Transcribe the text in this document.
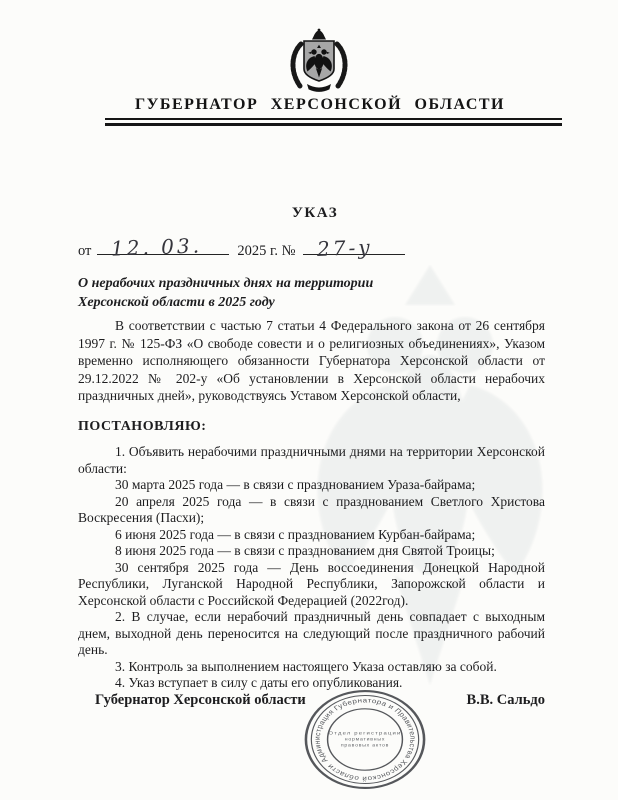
ГУБЕРНАТОР ХЕРСОНСКОЙ ОБЛАСТИ
УКАЗ
от 12. 03. 2025 г. № 27-у
О нерабочих праздничных днях на территории
Херсонской области в 2025 году

В соответствии с частью 7 статьи 4 Федерального закона от 26 сентября 1997 г. № 125-ФЗ «О свободе совести и о религиозных объединениях», Указом временно исполняющего обязанности Губернатора Херсонской области от 29.12.2022 № 202-у «Об установлении в Херсонской области нерабочих праздничных дней», руководствуясь Уставом Херсонской области,

ПОСТАНОВЛЯЮ:

1. Объявить нерабочими праздничными днями на территории Херсонской области:

30 марта 2025 года — в связи с празднованием Ураза-байрама;

20 апреля 2025 года — в связи с празднованием Светлого Христова Воскресения (Пасхи);

6 июня 2025 года — в связи с празднованием Курбан-байрама;

8 июня 2025 года — в связи с празднованием дня Святой Троицы;

30 сентября 2025 года — День воссоединения Донецкой Народной Республики, Луганской Народной Республики, Запорожской области и Херсонской области с Российской Федерацией (2022год).

2. В случае, если нерабочий праздничный день совпадает с выходным днем, выходной день переносится на следующий после праздничного рабочий день.

3. Контроль за выполнением настоящего Указа оставляю за собой.

4. Указ вступает в силу с даты его опубликования.

Губернатор Херсонской области	В.В. Сальдо
Администрация Губернатора и Правительства Херсонской области
Отдел регистрации
нормативных
правовых актов
